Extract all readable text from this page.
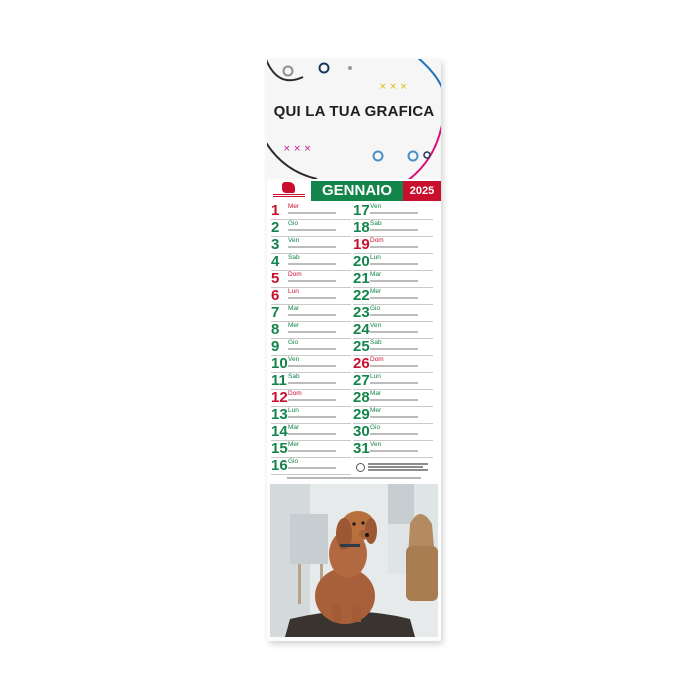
× × ×
× × ×
QUI LA TUA GRAFICA
GENNAIO	2025
1 Mer
2 Gio
3 Ven
4 Sab
5 Dom
6 Lun
7 Mar
8 Mer
9 Gio
10 Ven
11 Sab
12 Dom
13 Lun
14 Mar
15 Mer
16 Gio
17 Ven
18 Sab
19 Dom
20 Lun
21 Mar
22 Mer
23 Gio
24 Ven
25 Sab
26 Dom
27 Lun
28 Mar
29 Mer
30 Gio
31 Ven
